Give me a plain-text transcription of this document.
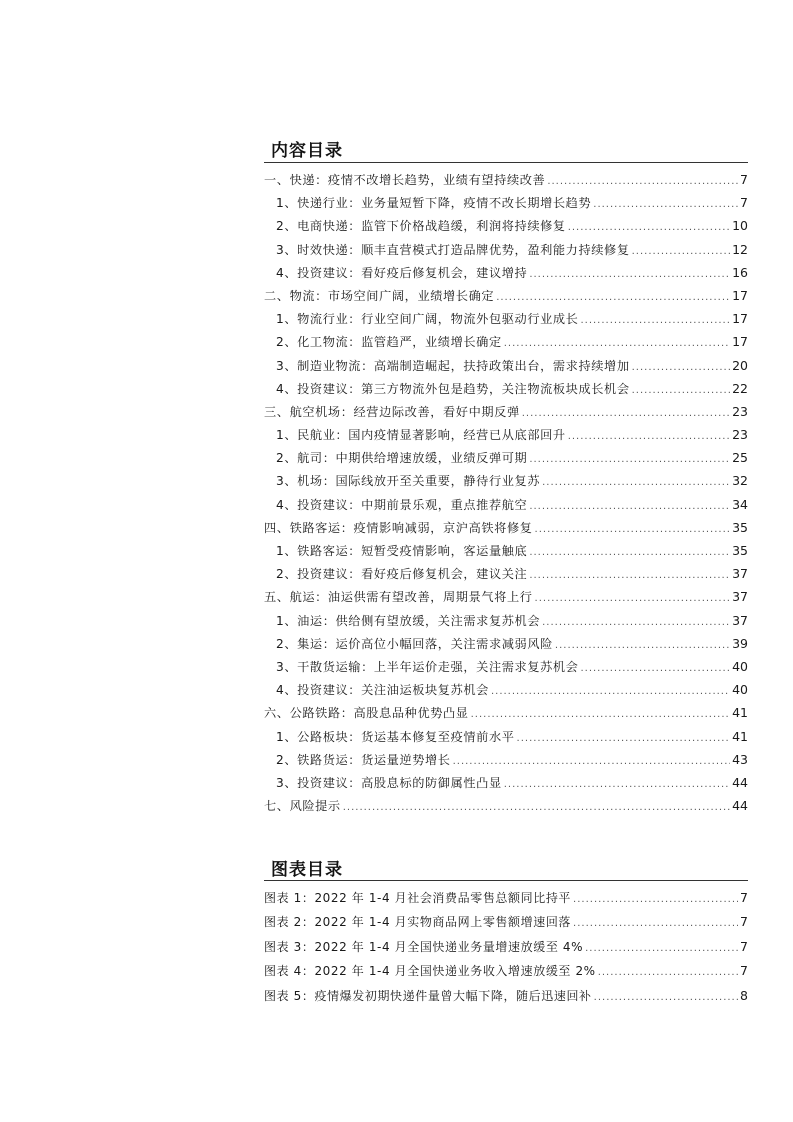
内容目录
一、快递：疫情不改增长趋势，业绩有望持续改善 .....	7
1、快递行业：业务量短暂下降，疫情不改长期增长趋势 .....	7
2、电商快递：监管下价格战趋缓，利润将持续修复 .....	10
3、时效快递：顺丰直营模式打造品牌优势，盈利能力持续修复 .....	12
4、投资建议：看好疫后修复机会，建议增持 .....	16
二、物流：市场空间广阔，业绩增长确定 .....	17
1、物流行业：行业空间广阔，物流外包驱动行业成长 .....	17
2、化工物流：监管趋严，业绩增长确定 .....	17
3、制造业物流：高端制造崛起，扶持政策出台，需求持续增加 .....	20
4、投资建议：第三方物流外包是趋势，关注物流板块成长机会 .....	22
三、航空机场：经营边际改善，看好中期反弹 .....	23
1、民航业：国内疫情显著影响，经营已从底部回升 .....	23
2、航司：中期供给增速放缓，业绩反弹可期 .....	25
3、机场：国际线放开至关重要，静待行业复苏 .....	32
4、投资建议：中期前景乐观，重点推荐航空 .....	34
四、铁路客运：疫情影响减弱，京沪高铁将修复 .....	35
1、铁路客运：短暂受疫情影响，客运量触底 .....	35
2、投资建议：看好疫后修复机会，建议关注 .....	37
五、航运：油运供需有望改善，周期景气将上行 .....	37
1、油运：供给侧有望放缓，关注需求复苏机会 .....	37
2、集运：运价高位小幅回落，关注需求减弱风险 .....	39
3、干散货运输：上半年运价走强，关注需求复苏机会 .....	40
4、投资建议：关注油运板块复苏机会 .....	40
六、公路铁路：高股息品种优势凸显 .....	41
1、公路板块：货运基本修复至疫情前水平 .....	41
2、铁路货运：货运量逆势增长 .....	43
3、投资建议：高股息标的防御属性凸显 .....	44
七、风险提示 .....	44
图表目录
图表 1：2022 年 1-4 月社会消费品零售总额同比持平 .....	7
图表 2：2022 年 1-4 月实物商品网上零售额增速回落 .....	7
图表 3：2022 年 1-4 月全国快递业务量增速放缓至 4% .....	7
图表 4：2022 年 1-4 月全国快递业务收入增速放缓至 2% .....	7
图表 5：疫情爆发初期快递件量曾大幅下降，随后迅速回补 .....	8
